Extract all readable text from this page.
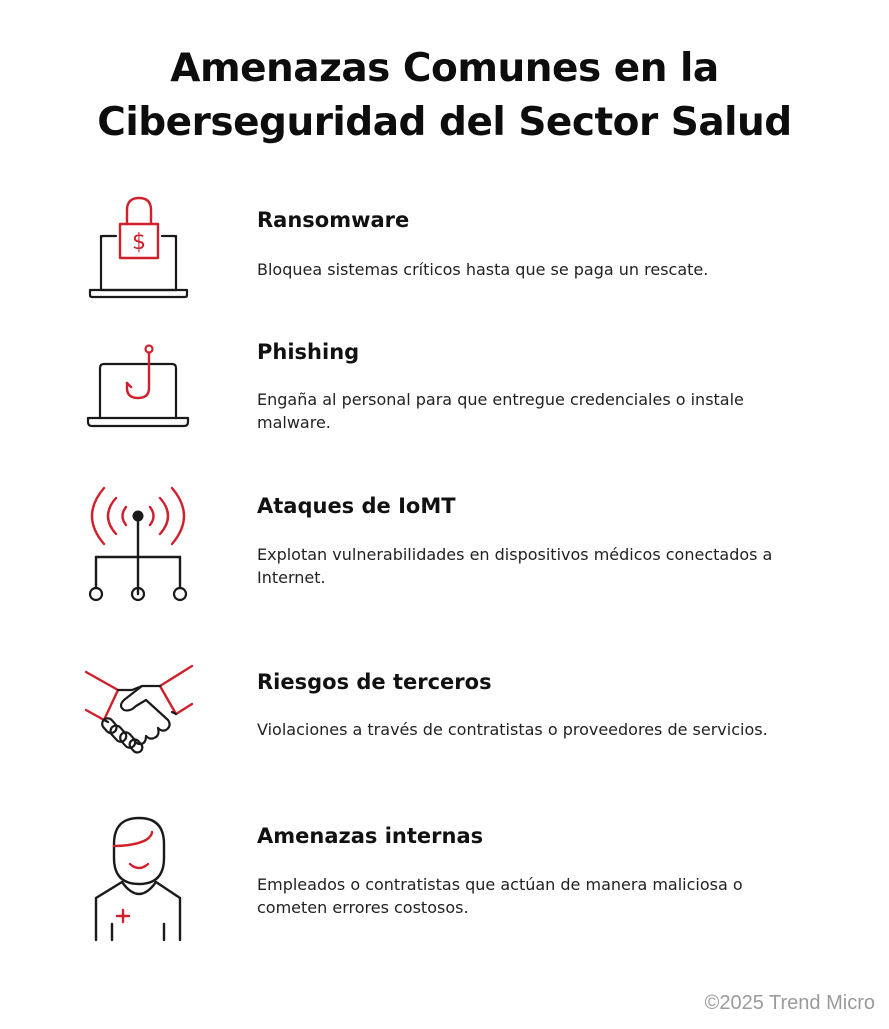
Amenazas Comunes en la
Ciberseguridad del Sector Salud
$
Ransomware
Bloquea sistemas críticos hasta que se paga un rescate.
Phishing
Engaña al personal para que entregue credenciales o instale malware.
Ataques de IoMT
Explotan vulnerabilidades en dispositivos médicos conectados a Internet.
Riesgos de terceros
Violaciones a través de contratistas o proveedores de servicios.
Amenazas internas
Empleados o contratistas que actúan de manera maliciosa o cometen errores costosos.
©2025 Trend Micro
